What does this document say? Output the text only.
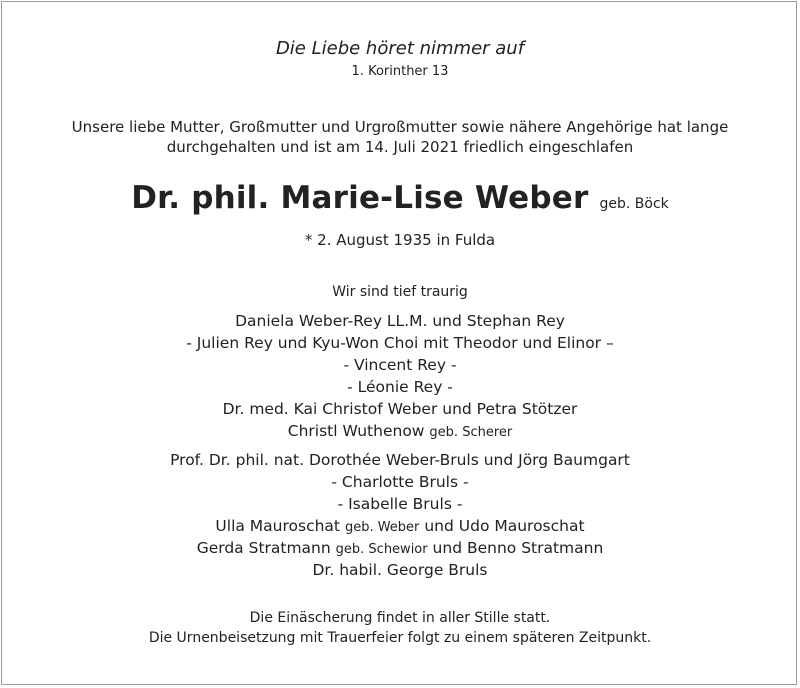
Die Liebe höret nimmer auf
1. Korinther 13
Unsere liebe Mutter, Großmutter und Urgroßmutter sowie nähere Angehörige hat lange
durchgehalten und ist am 14. Juli 2021 friedlich eingeschlafen
Dr. phil. Marie-Lise Weber geb. Böck
* 2. August 1935 in Fulda
Wir sind tief traurig
Daniela Weber-Rey LL.M. und Stephan Rey
- Julien Rey und Kyu-Won Choi mit Theodor und Elinor –
- Vincent Rey -
- Léonie Rey -
Dr. med. Kai Christof Weber und Petra Stötzer
Christl Wuthenow geb. Scherer
Prof. Dr. phil. nat. Dorothée Weber-Bruls und Jörg Baumgart
- Charlotte Bruls -
- Isabelle Bruls -
Ulla Mauroschat geb. Weber und Udo Mauroschat
Gerda Stratmann geb. Schewior und Benno Stratmann
Dr. habil. George Bruls
Die Einäscherung findet in aller Stille statt.
Die Urnenbeisetzung mit Trauerfeier folgt zu einem späteren Zeitpunkt.
